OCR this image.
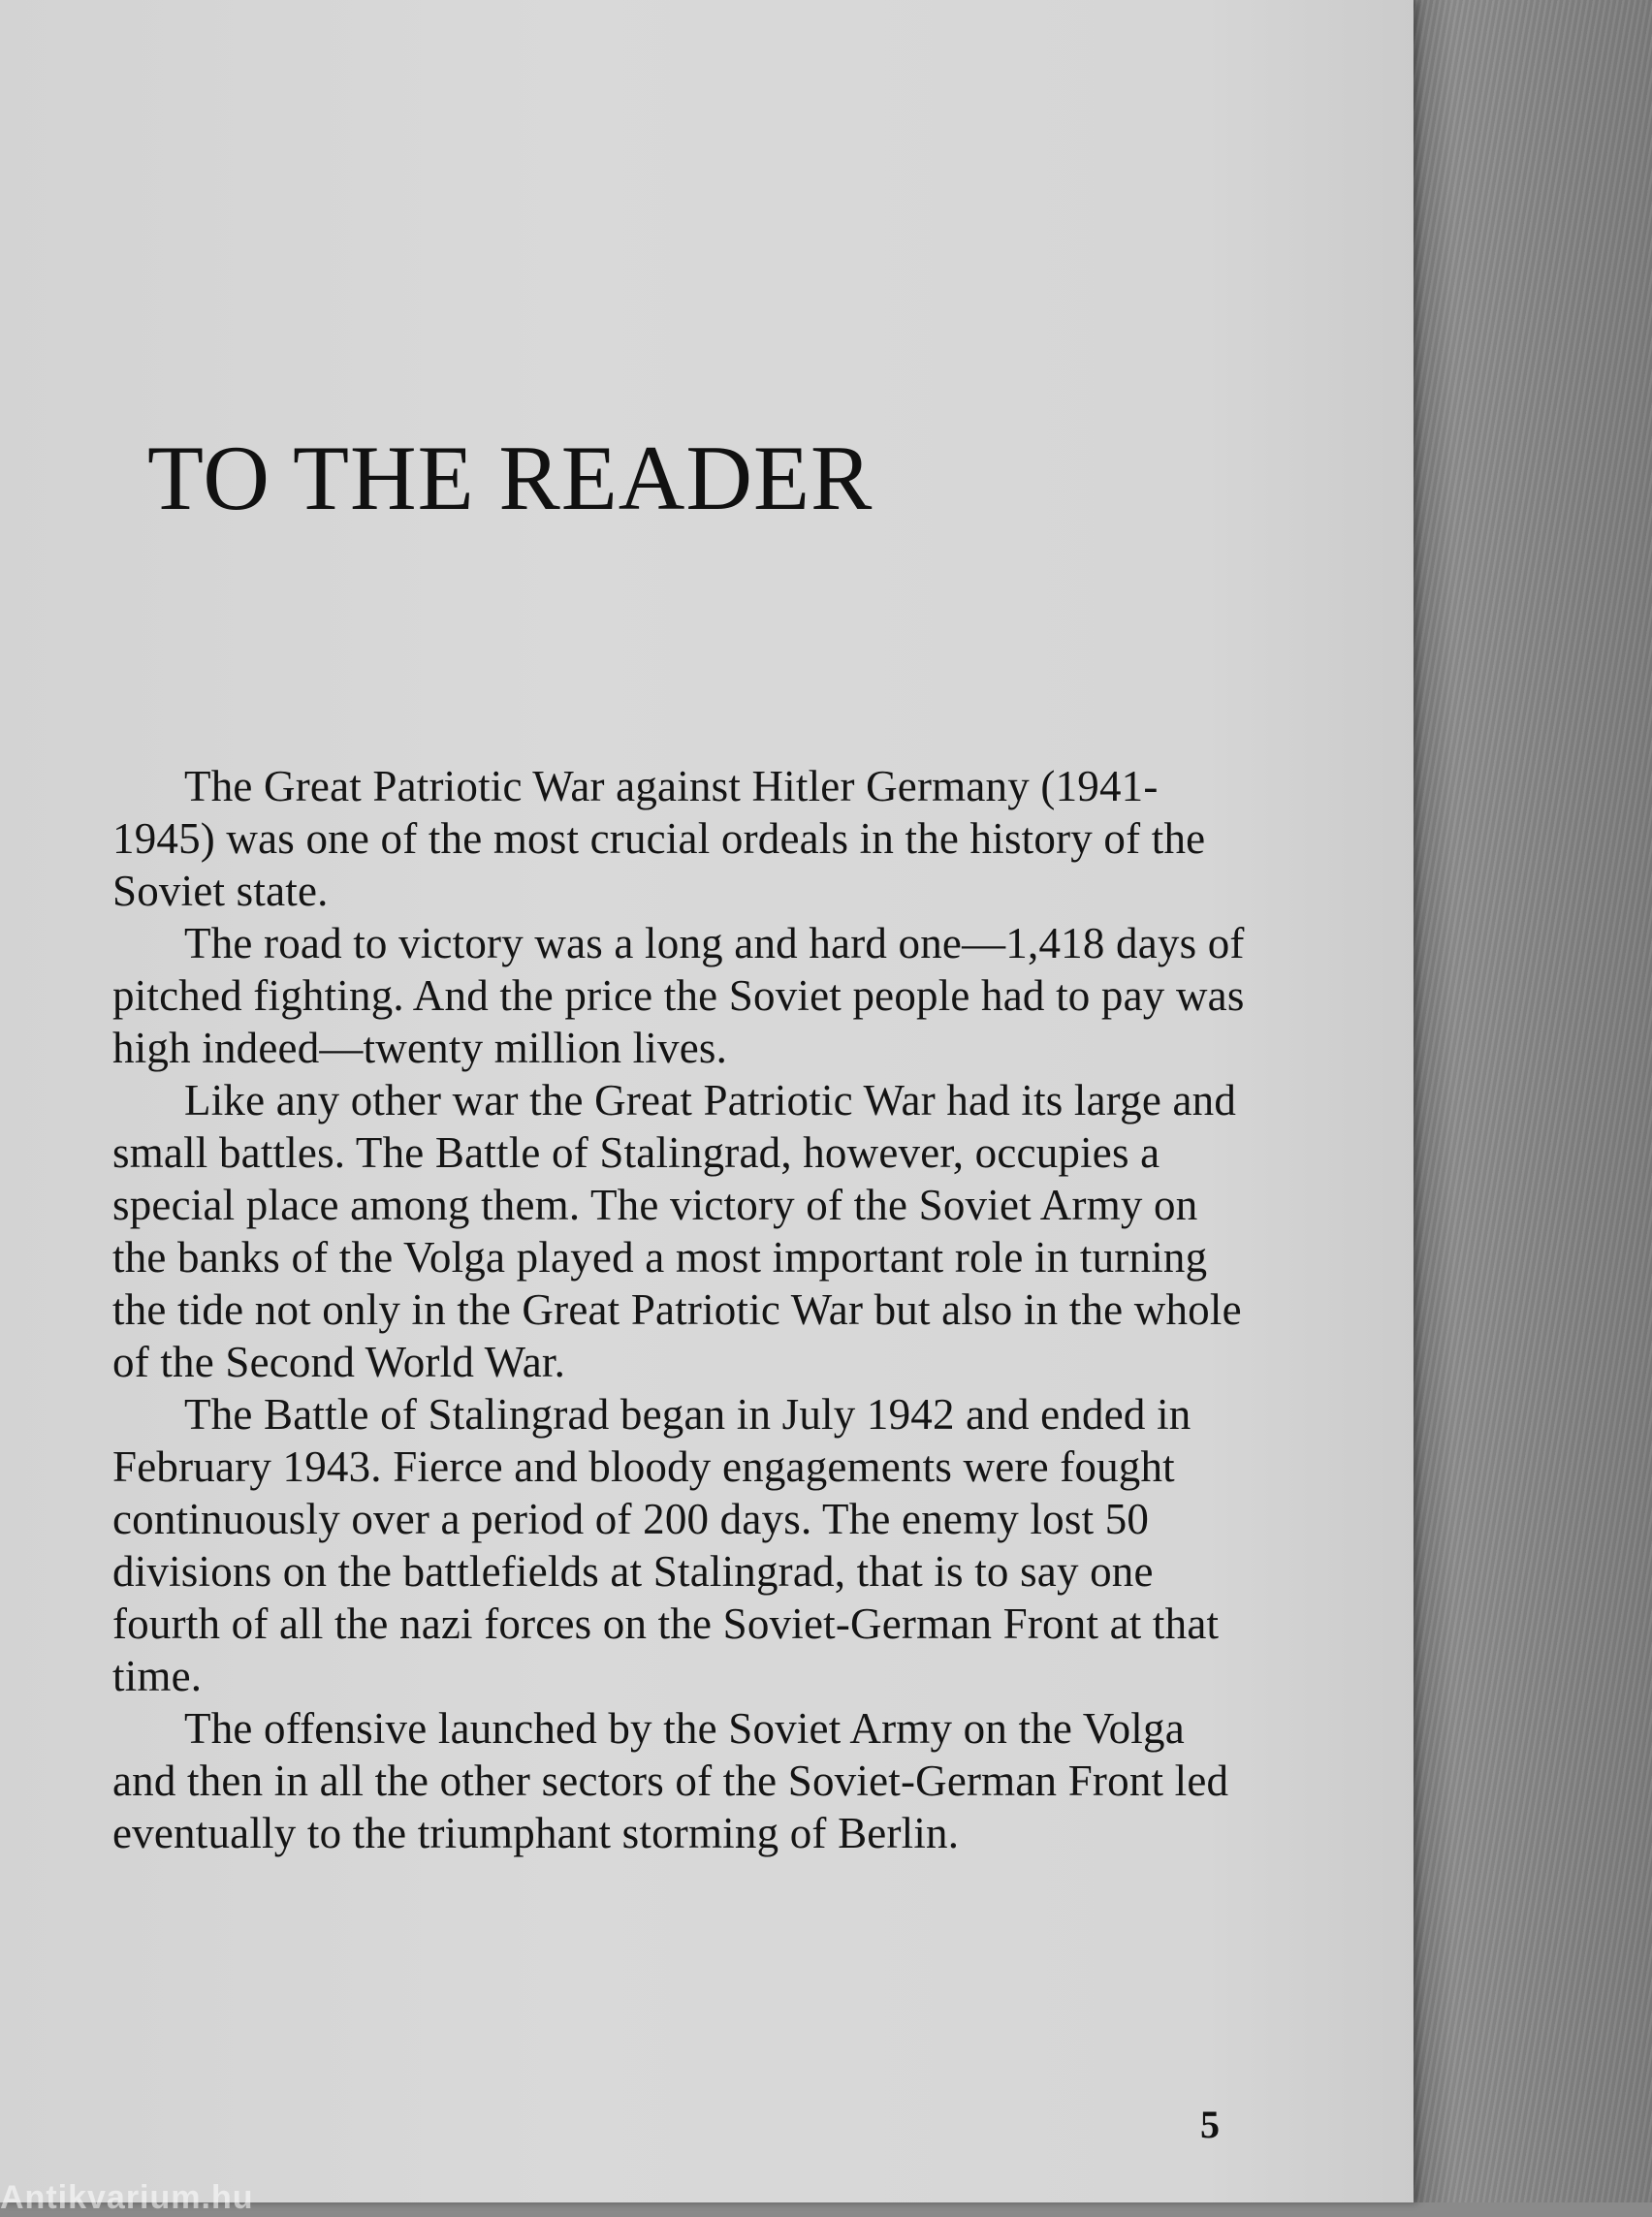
TO THE READER

The Great Patriotic War against Hitler Germany (1941-1945) was one of the most crucial ordeals in the history of the Soviet state.

The road to victory was a long and hard one—1,418 days of pitched fighting. And the price the Soviet people had to pay was high indeed—twenty million lives.

Like any other war the Great Patriotic War had its large and small battles. The Battle of Stalingrad, however, occupies a special place among them. The victory of the Soviet Army on the banks of the Volga played a most important role in turning the tide not only in the Great Patriotic War but also in the whole of the Second World War.

The Battle of Stalingrad began in July 1942 and ended in February 1943. Fierce and bloody engagements were fought continuously over a period of 200 days. The enemy lost 50 divisions on the battlefields at Stalingrad, that is to say one fourth of all the nazi forces on the Soviet-German Front at that time.

The offensive launched by the Soviet Army on the Volga and then in all the other sectors of the Soviet-German Front led eventually to the triumphant storming of Berlin.

5
Antikvarium.hu
